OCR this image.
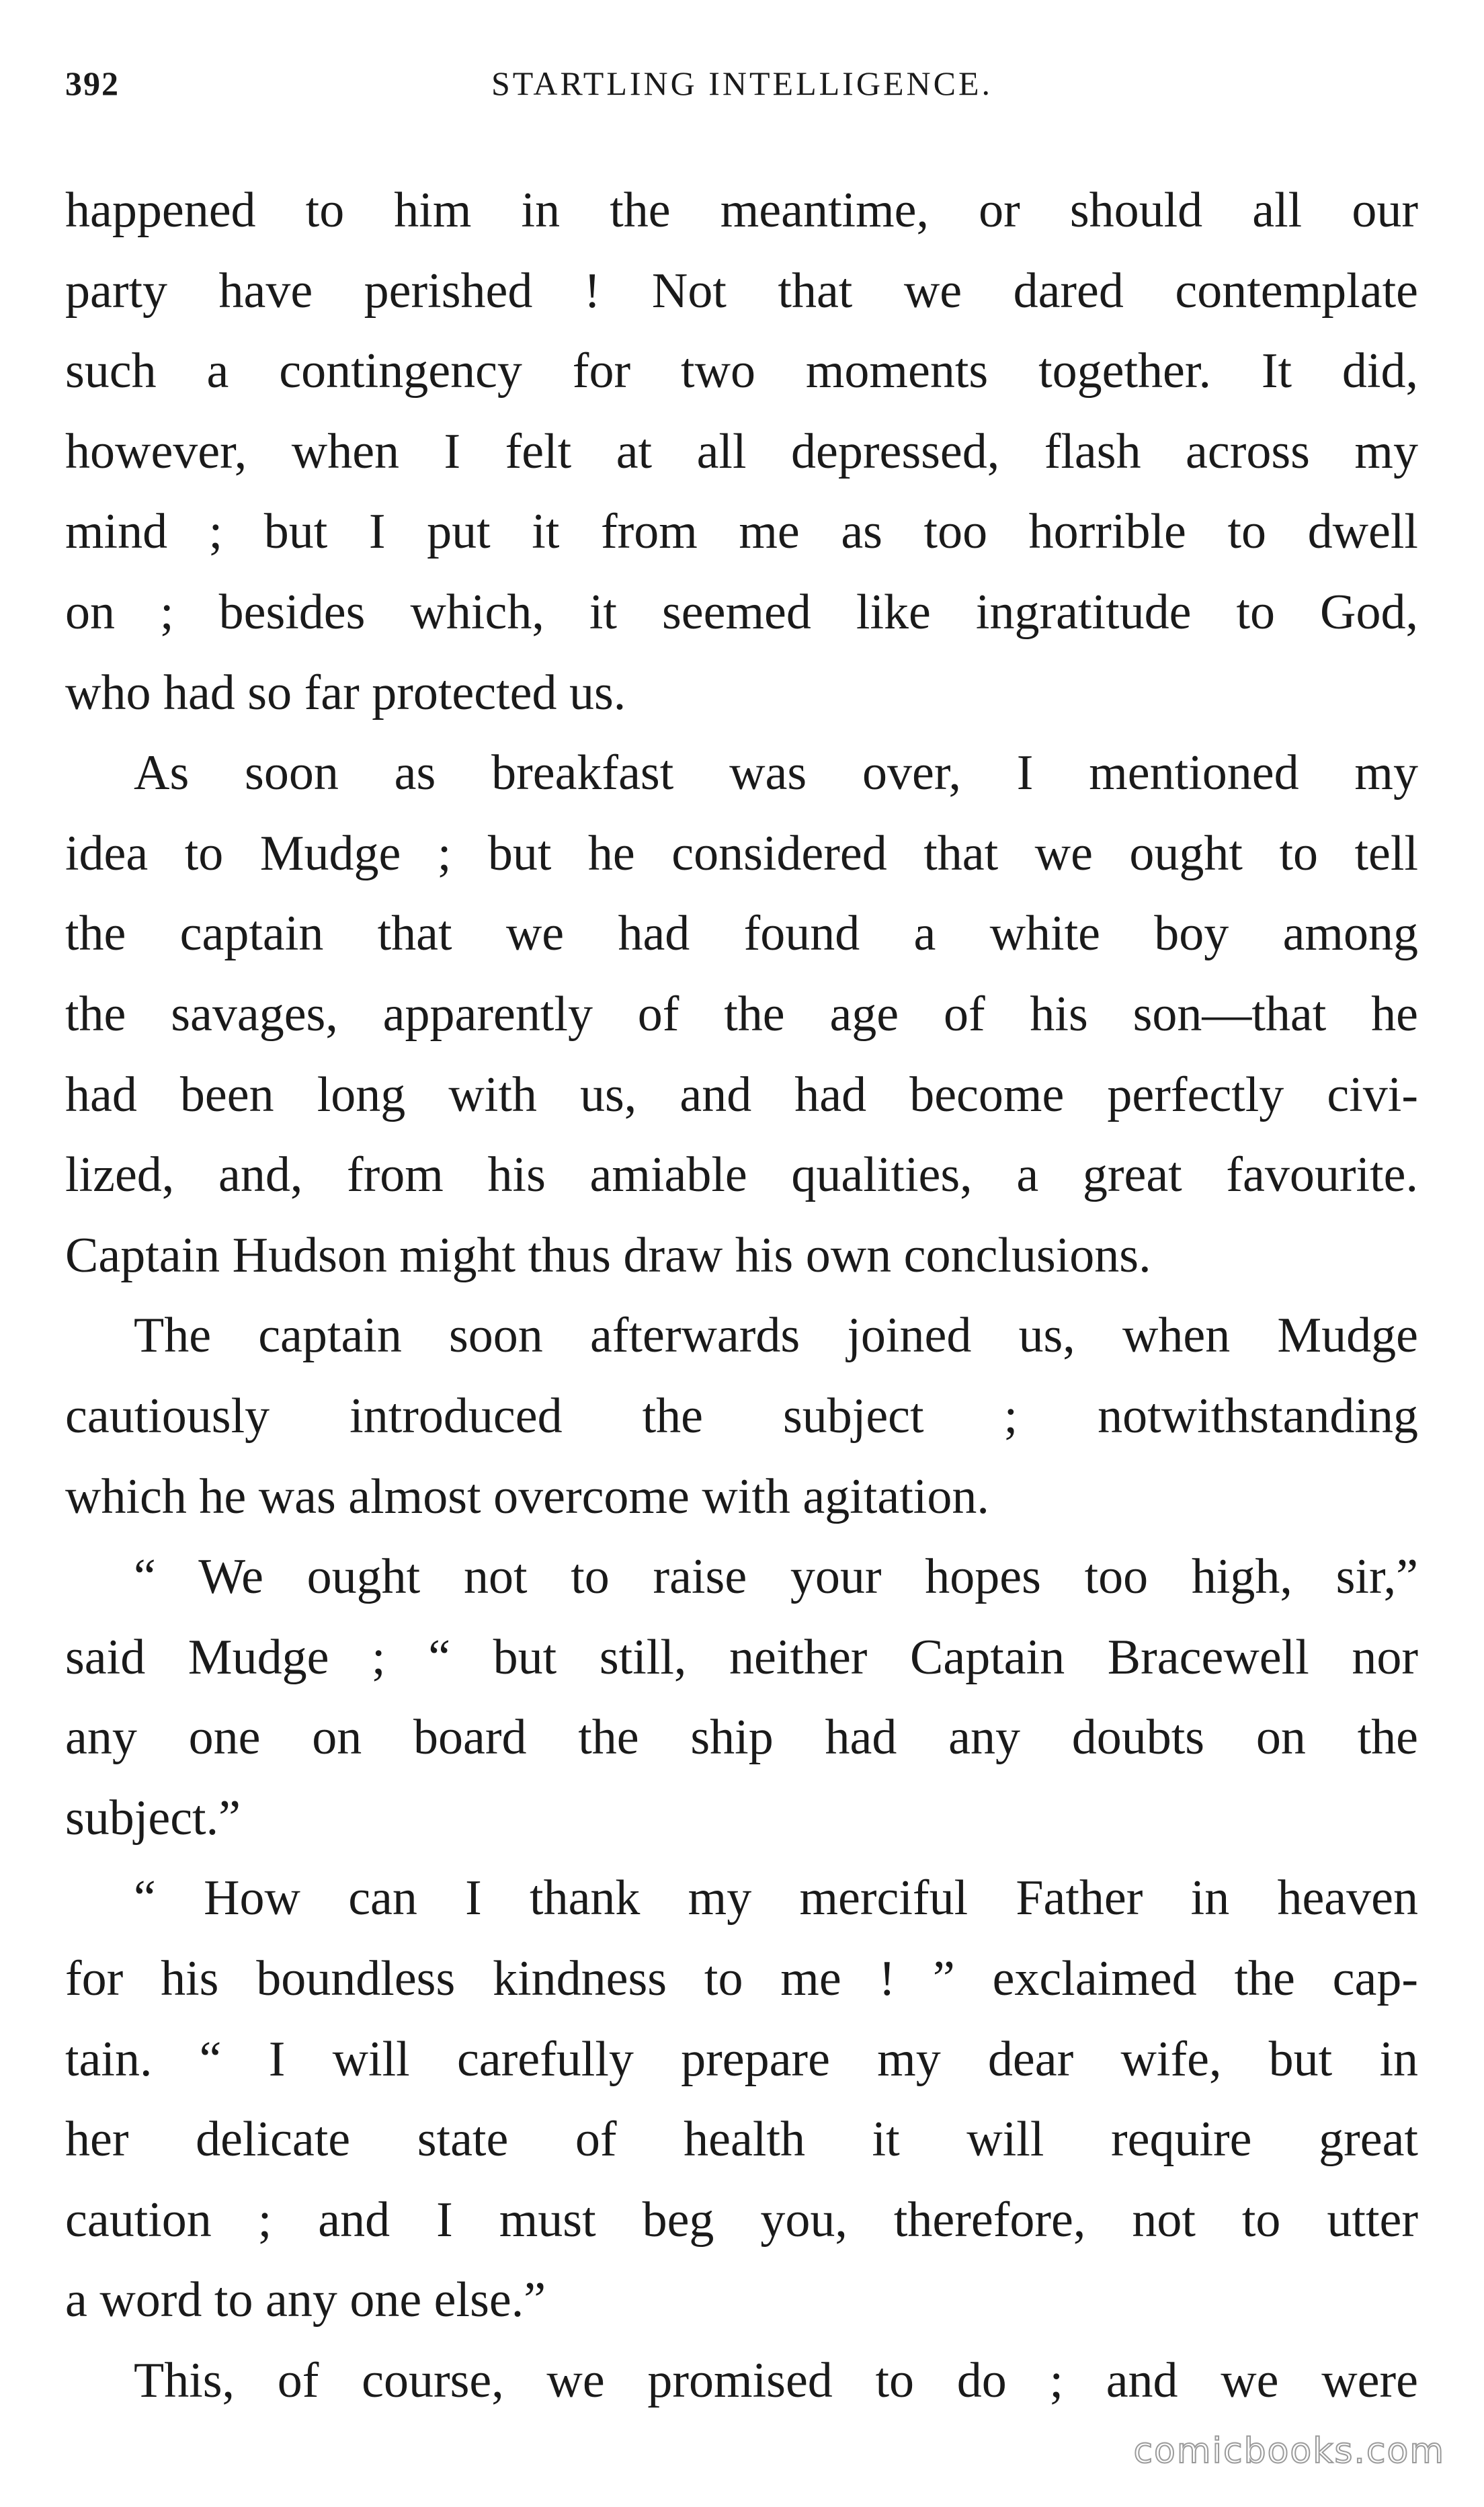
392	STARTLING INTELLIGENCE.
happened to him in the meantime, or should all our
party have perished ! Not that we dared contemplate
such a contingency for two moments together. It did,
however, when I felt at all depressed, flash across my
mind ; but I put it from me as too horrible to dwell
on ; besides which, it seemed like ingratitude to God,
who had so far protected us.
As soon as breakfast was over, I mentioned my
idea to Mudge ; but he considered that we ought to tell
the captain that we had found a white boy among
the savages, apparently of the age of his son—that he
had been long with us, and had become perfectly civi-
lized, and, from his amiable qualities, a great favourite.
Captain Hudson might thus draw his own conclusions.
The captain soon afterwards joined us, when Mudge
cautiously introduced the subject ; notwithstanding
which he was almost overcome with agitation.
“ We ought not to raise your hopes too high, sir,”
said Mudge ; “ but still, neither Captain Bracewell nor
any one on board the ship had any doubts on the
subject.”
“ How can I thank my merciful Father in heaven
for his boundless kindness to me ! ” exclaimed the cap-
tain. “ I will carefully prepare my dear wife, but in
her delicate state of health it will require great
caution ; and I must beg you, therefore, not to utter
a word to any one else.”
This, of course, we promised to do ; and we were
comicbooks.com
